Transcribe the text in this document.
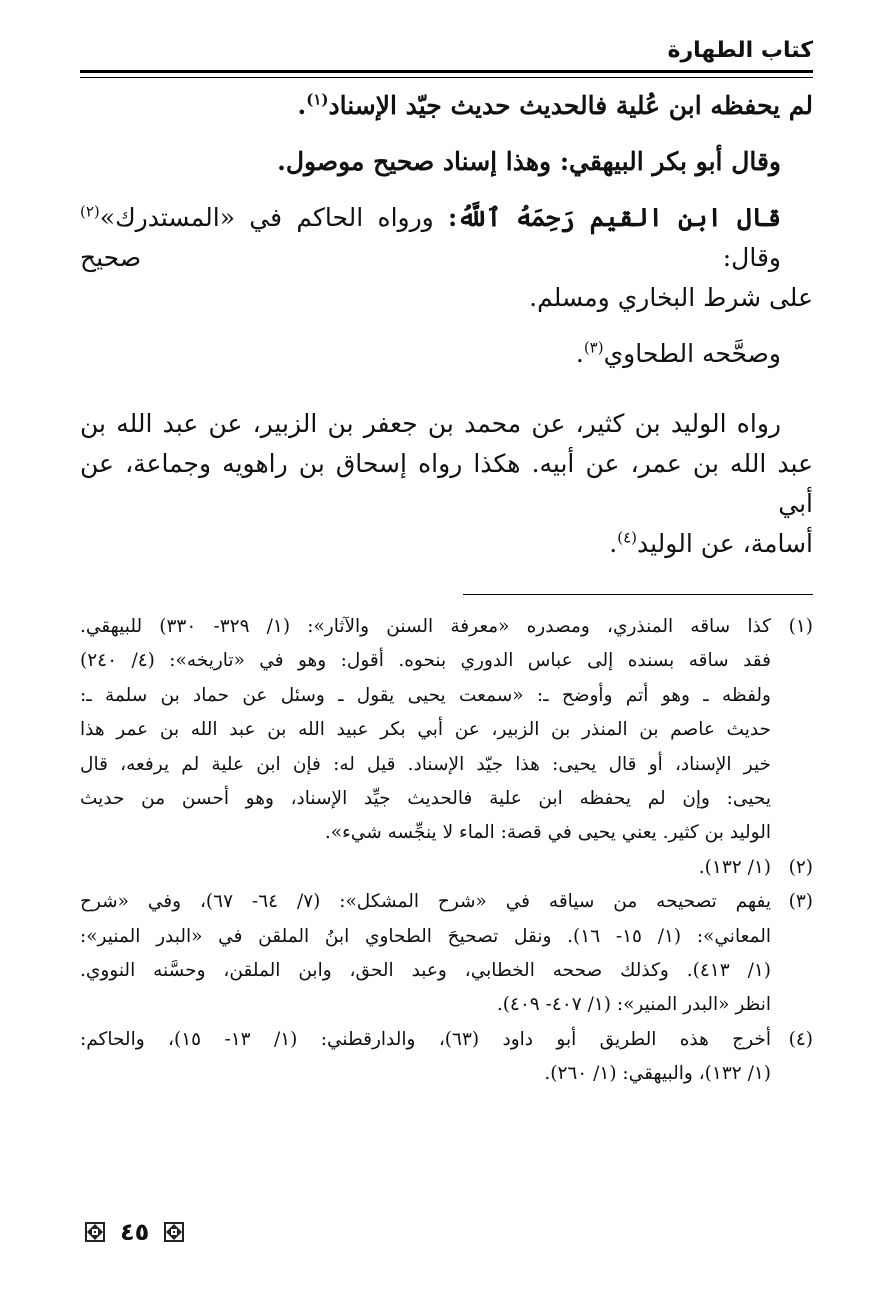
كتاب الطهارة

لم يحفظه ابن عُلية فالحديث حديث جيّد الإسناد$^{(١)}$.

وقال أبو بكر البيهقي: وهذا إسناد صحيح موصول.

قال ابن القيم رَحِمَهُ ٱللَّهُ: ورواه الحاكم في «المستدرك»$^{(٢)}$ وقال: صحيح
على شرط البخاري ومسلم.

وصحَّحه الطحاوي$^{(٣)}$.

رواه الوليد بن كثير، عن محمد بن جعفر بن الزبير، عن عبد الله بن
عبد الله بن عمر، عن أبيه. هكذا رواه إسحاق بن راهويه وجماعة، عن أبي
أسامة، عن الوليد$^{(٤)}$.

(١)
كذا ساقه المنذري، ومصدره «معرفة السنن والآثار»: (١/ ٣٢٩- ٣٣٠) للبيهقي.
فقد ساقه بسنده إلى عباس الدوري بنحوه. أقول: وهو في «تاريخه»: (٤/ ٢٤٠)
ولفظه ـ وهو أتم وأوضح ـ: «سمعت يحيى يقول ـ وسئل عن حماد بن سلمة ـ:
حديث عاصم بن المنذر بن الزبير، عن أبي بكر عبيد الله بن عبد الله بن عمر هذا
خير الإسناد، أو قال يحيى: هذا جيّد الإسناد. قيل له: فإن ابن علية لم يرفعه، قال
يحيى: وإن لم يحفظه ابن علية فالحديث جيِّد الإسناد، وهو أحسن من حديث
الوليد بن كثير. يعني يحيى في قصة: الماء لا ينجِّسه شيء».
(٢)
(١/ ١٣٢).
(٣)
يفهم تصحيحه من سياقه في «شرح المشكل»: (٧/ ٦٤- ٦٧)، وفي «شرح
المعاني»: (١/ ١٥- ١٦). ونقل تصحيحَ الطحاوي ابنُ الملقن في «البدر المنير»:
(١/ ٤١٣). وكذلك صححه الخطابي، وعبد الحق، وابن الملقن، وحسَّنه النووي.
انظر «البدر المنير»: (١/ ٤٠٧- ٤٠٩).
(٤)
أخرج هذه الطريق أبو داود (٦٣)، والدارقطني: (١/ ١٣- ١٥)، والحاكم:
(١/ ١٣٢)، والبيهقي: (١/ ٢٦٠).
٤٥
